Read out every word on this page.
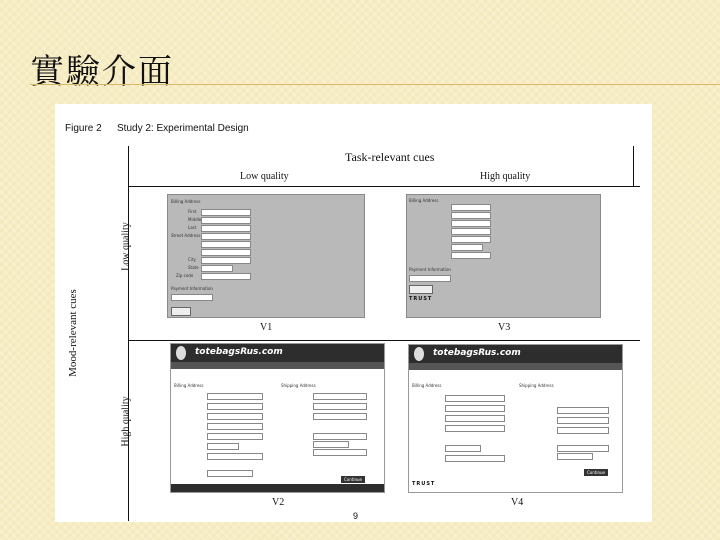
實驗介面
Figure 2 Study 2: Experimental Design
Task-relevant cues
Low quality	High quality
Mood-relevant cues
Low quality
High quality
Billing Address
First
Middle
Last
Street Address
City
State
Zip code
Payment Information
V1
Billing Address
Payment Information
TRUST
V3
totebagsRus.com
Billing Address	Shipping Address
Continue
V2
totebagsRus.com
Billing Address	Shipping Address
Continue
TRUST
V4
9
